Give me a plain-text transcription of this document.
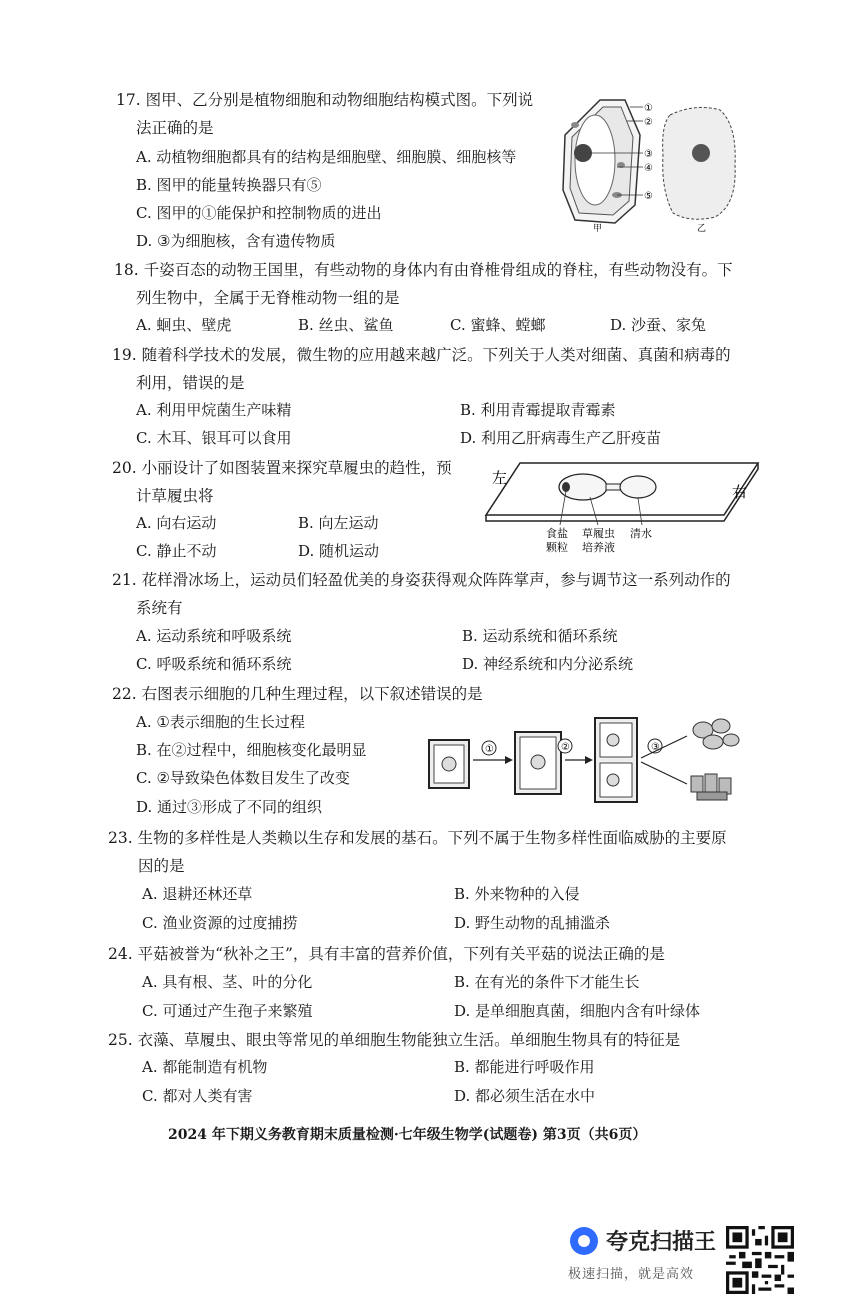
17. 图甲、乙分别是植物细胞和动物细胞结构模式图。下列说
法正确的是
A. 动植物细胞都具有的结构是细胞壁、细胞膜、细胞核等
B. 图甲的能量转换器只有⑤
C. 图甲的①能保护和控制物质的进出
D. ③为细胞核，含有遗传物质
①
②
③
④
⑤
甲	乙
18. 千姿百态的动物王国里，有些动物的身体内有由脊椎骨组成的脊柱，有些动物没有。下
列生物中，全属于无脊椎动物一组的是
A. 蛔虫、壁虎	B. 丝虫、鲨鱼	C. 蜜蜂、螳螂	D. 沙蚕、家兔
19. 随着科学技术的发展，微生物的应用越来越广泛。下列关于人类对细菌、真菌和病毒的
利用，错误的是
A. 利用甲烷菌生产味精	B. 利用青霉提取青霉素
C. 木耳、银耳可以食用	D. 利用乙肝病毒生产乙肝疫苗
20. 小丽设计了如图装置来探究草履虫的趋性，预
计草履虫将
A. 向右运动	B. 向左运动
C. 静止不动	D. 随机运动
左
右
食盐
颗粒
草履虫
培养液
清水
21. 花样滑冰场上，运动员们轻盈优美的身姿获得观众阵阵掌声，参与调节这一系列动作的
系统有
A. 运动系统和呼吸系统	B. 运动系统和循环系统
C. 呼吸系统和循环系统	D. 神经系统和内分泌系统
22. 右图表示细胞的几种生理过程，以下叙述错误的是
A. ①表示细胞的生长过程
B. 在②过程中，细胞核变化最明显
C. ②导致染色体数目发生了改变
D. 通过③形成了不同的组织
①	②	③
23. 生物的多样性是人类赖以生存和发展的基石。下列不属于生物多样性面临威胁的主要原
因的是
A. 退耕还林还草	B. 外来物种的入侵
C. 渔业资源的过度捕捞	D. 野生动物的乱捕滥杀
24. 平菇被誉为“秋补之王”，具有丰富的营养价值，下列有关平菇的说法正确的是
A. 具有根、茎、叶的分化	B. 在有光的条件下才能生长
C. 可通过产生孢子来繁殖	D. 是单细胞真菌，细胞内含有叶绿体
25. 衣藻、草履虫、眼虫等常见的单细胞生物能独立生活。单细胞生物具有的特征是
A. 都能制造有机物	B. 都能进行呼吸作用
C. 都对人类有害	D. 都必须生活在水中
2024 年下期义务教育期末质量检测·七年级生物学(试题卷) 第3页（共6页）
夸克扫描王
极速扫描，就是高效
